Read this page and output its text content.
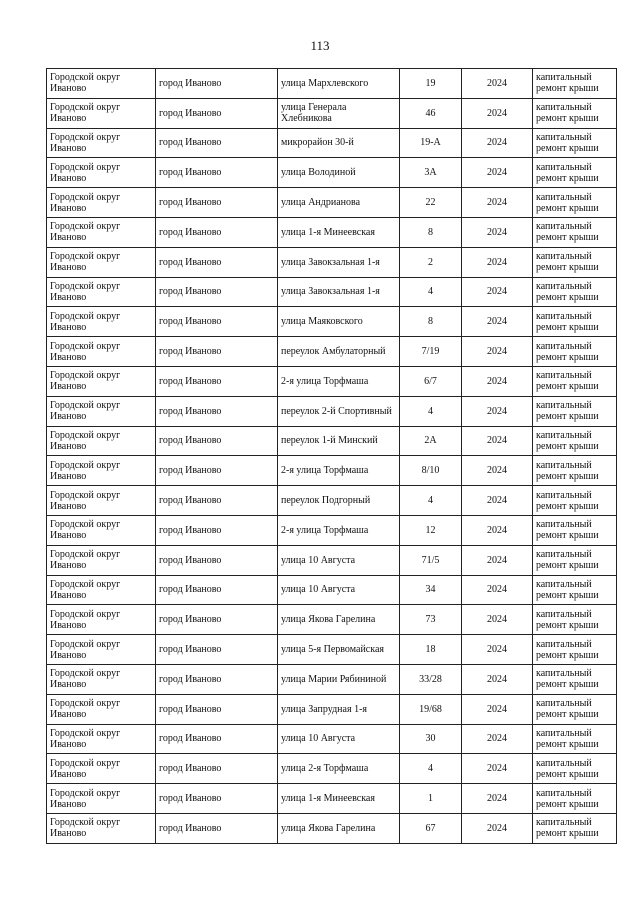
113
Городской округ Иваново	город Иваново	улица Мархлевского	19	2024	капитальный ремонт крыши
Городской округ Иваново	город Иваново	улица Генерала Хлебникова	46	2024	капитальный ремонт крыши
Городской округ Иваново	город Иваново	микрорайон 30-й	19-А	2024	капитальный ремонт крыши
Городской округ Иваново	город Иваново	улица Володиной	3А	2024	капитальный ремонт крыши
Городской округ Иваново	город Иваново	улица Андрианова	22	2024	капитальный ремонт крыши
Городской округ Иваново	город Иваново	улица 1-я Минеевская	8	2024	капитальный ремонт крыши
Городской округ Иваново	город Иваново	улица Завокзальная 1-я	2	2024	капитальный ремонт крыши
Городской округ Иваново	город Иваново	улица Завокзальная 1-я	4	2024	капитальный ремонт крыши
Городской округ Иваново	город Иваново	улица Маяковского	8	2024	капитальный ремонт крыши
Городской округ Иваново	город Иваново	переулок Амбулаторный	7/19	2024	капитальный ремонт крыши
Городской округ Иваново	город Иваново	2-я улица Торфмаша	6/7	2024	капитальный ремонт крыши
Городской округ Иваново	город Иваново	переулок 2-й Спортивный	4	2024	капитальный ремонт крыши
Городской округ Иваново	город Иваново	переулок 1-й Минский	2А	2024	капитальный ремонт крыши
Городской округ Иваново	город Иваново	2-я улица Торфмаша	8/10	2024	капитальный ремонт крыши
Городской округ Иваново	город Иваново	переулок Подгорный	4	2024	капитальный ремонт крыши
Городской округ Иваново	город Иваново	2-я улица Торфмаша	12	2024	капитальный ремонт крыши
Городской округ Иваново	город Иваново	улица 10 Августа	71/5	2024	капитальный ремонт крыши
Городской округ Иваново	город Иваново	улица 10 Августа	34	2024	капитальный ремонт крыши
Городской округ Иваново	город Иваново	улица Якова Гарелина	73	2024	капитальный ремонт крыши
Городской округ Иваново	город Иваново	улица 5-я Первомайская	18	2024	капитальный ремонт крыши
Городской округ Иваново	город Иваново	улица Марии Рябининой	33/28	2024	капитальный ремонт крыши
Городской округ Иваново	город Иваново	улица Запрудная 1-я	19/68	2024	капитальный ремонт крыши
Городской округ Иваново	город Иваново	улица 10 Августа	30	2024	капитальный ремонт крыши
Городской округ Иваново	город Иваново	улица 2-я Торфмаша	4	2024	капитальный ремонт крыши
Городской округ Иваново	город Иваново	улица 1-я Минеевская	1	2024	капитальный ремонт крыши
Городской округ Иваново	город Иваново	улица Якова Гарелина	67	2024	капитальный ремонт крыши
